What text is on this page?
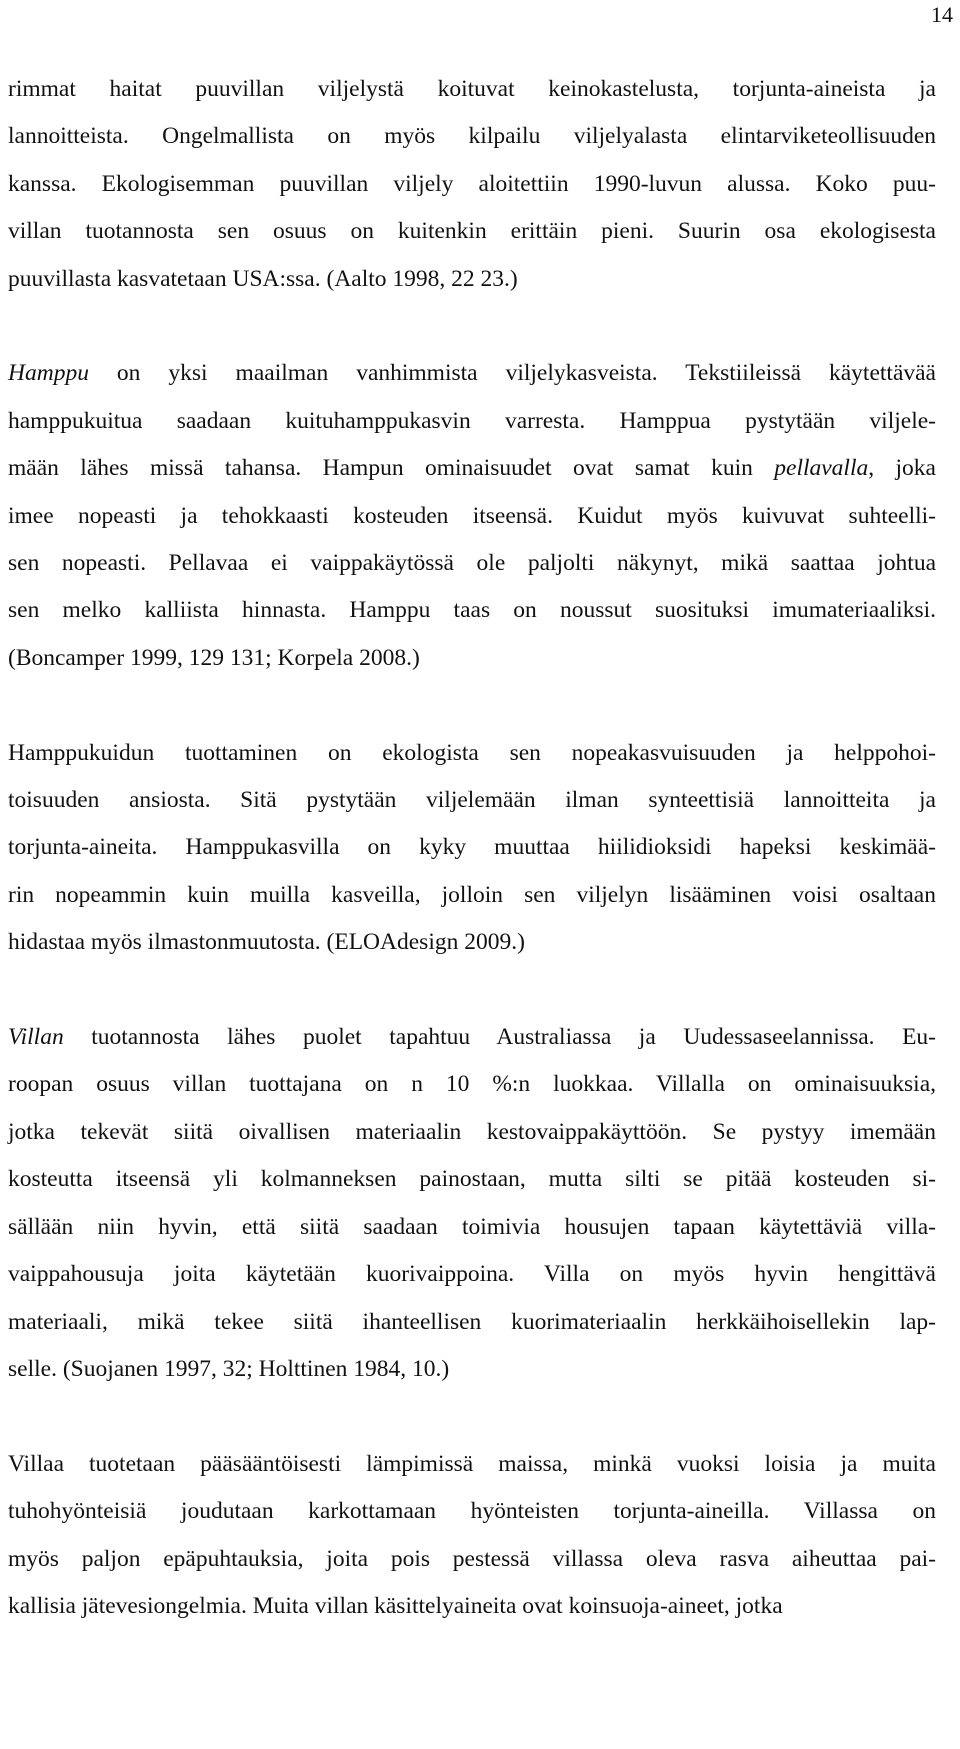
14
rimmat haitat puuvillan viljelystä koituvat keinokastelusta, torjunta-aineista ja
lannoitteista. Ongelmallista on myös kilpailu viljelyalasta elintarviketeollisuuden
kanssa. Ekologisemman puuvillan viljely aloitettiin 1990-luvun alussa. Koko puu-
villan tuotannosta sen osuus on kuitenkin erittäin pieni. Suurin osa ekologisesta
puuvillasta kasvatetaan USA:ssa. (Aalto 1998, 22 23.)
Hamppu on yksi maailman vanhimmista viljelykasveista. Tekstiileissä käytettävää
hamppukuitua saadaan kuituhamppukasvin varresta. Hamppua pystytään viljele-
mään lähes missä tahansa. Hampun ominaisuudet ovat samat kuin pellavalla, joka
imee nopeasti ja tehokkaasti kosteuden itseensä. Kuidut myös kuivuvat suhteelli-
sen nopeasti. Pellavaa ei vaippakäytössä ole paljolti näkynyt, mikä saattaa johtua
sen melko kalliista hinnasta. Hamppu taas on noussut suosituksi imumateriaaliksi.
(Boncamper 1999, 129 131; Korpela 2008.)
Hamppukuidun tuottaminen on ekologista sen nopeakasvuisuuden ja helppohoi-
toisuuden ansiosta. Sitä pystytään viljelemään ilman synteettisiä lannoitteita ja
torjunta-aineita. Hamppukasvilla on kyky muuttaa hiilidioksidi hapeksi keskimää-
rin nopeammin kuin muilla kasveilla, jolloin sen viljelyn lisääminen voisi osaltaan
hidastaa myös ilmastonmuutosta. (ELOAdesign 2009.)
Villan tuotannosta lähes puolet tapahtuu Australiassa ja Uudessaseelannissa. Eu-
roopan osuus villan tuottajana on n 10 %:n luokkaa. Villalla on ominaisuuksia,
jotka tekevät siitä oivallisen materiaalin kestovaippakäyttöön. Se pystyy imemään
kosteutta itseensä yli kolmanneksen painostaan, mutta silti se pitää kosteuden si-
sällään niin hyvin, että siitä saadaan toimivia housujen tapaan käytettäviä villa-
vaippahousuja joita käytetään kuorivaippoina. Villa on myös hyvin hengittävä
materiaali, mikä tekee siitä ihanteellisen kuorimateriaalin herkkäihoisellekin lap-
selle. (Suojanen 1997, 32; Holttinen 1984, 10.)
Villaa tuotetaan pääsääntöisesti lämpimissä maissa, minkä vuoksi loisia ja muita
tuhohyönteisiä joudutaan karkottamaan hyönteisten torjunta-aineilla. Villassa on
myös paljon epäpuhtauksia, joita pois pestessä villassa oleva rasva aiheuttaa pai-
kallisia jätevesiongelmia. Muita villan käsittelyaineita ovat koinsuoja-aineet, jotka
